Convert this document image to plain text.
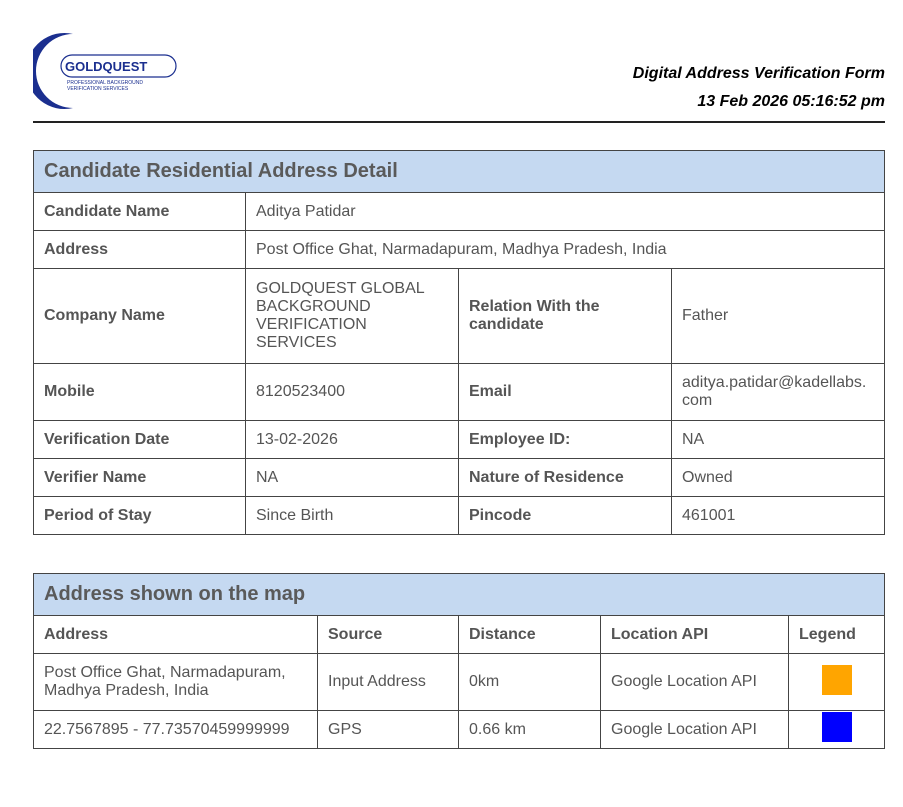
GOLDQUEST
PROFESSIONAL BACKGROUND
VERIFICATION SERVICES
Digital Address Verification Form
13 Feb 2026 05:16:52 pm
Candidate Residential Address Detail			
Candidate Name	Aditya Patidar		
Address	Post Office Ghat, Narmadapuram, Madhya Pradesh, India		
Company Name	GOLDQUEST GLOBAL BACKGROUND VERIFICATION SERVICES	Relation With the candidate	Father
Mobile	8120523400	Email	aditya.patidar@kadellabs.com
Verification Date	13-02-2026	Employee ID:	NA
Verifier Name	NA	Nature of Residence	Owned
Period of Stay	Since Birth	Pincode	461001
Address shown on the map				
Address	Source	Distance	Location API	Legend
Post Office Ghat, Narmadapuram, Madhya Pradesh, India	Input Address	0km	Google Location API	
22.7567895 - 77.73570459999999	GPS	0.66 km	Google Location API	
